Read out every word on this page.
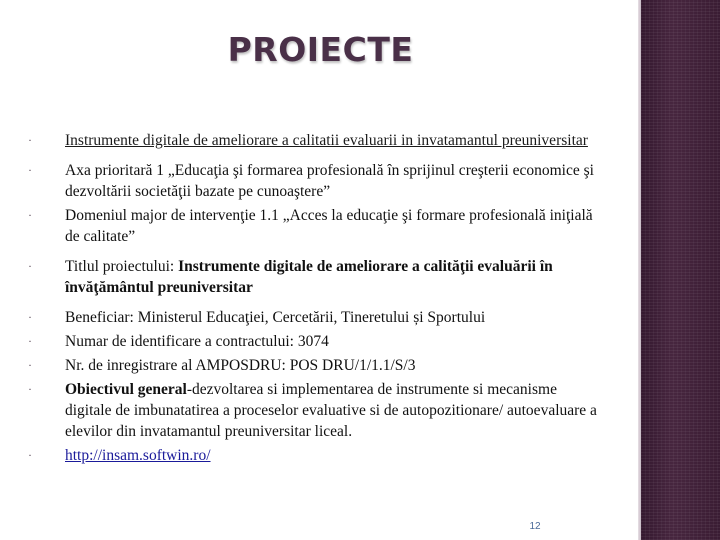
PROIECTE
·	Instrumente digitale de ameliorare a calitatii evaluarii in invatamantul preuniversitar
·	Axa prioritară 1 „Educaţia şi formarea profesională în sprijinul creşterii economice şi dezvoltării societăţii bazate pe cunoaştere”
·	Domeniul major de intervenţie 1.1 „Acces la educaţie şi formare profesională iniţială de calitate”
·	Titlul proiectului: Instrumente digitale de ameliorare a calităţii evaluării în învăţământul preuniversitar
·	Beneficiar: Ministerul Educaţiei, Cercetării, Tineretului și Sportului
·	Numar de identificare a contractului: 3074
·	Nr. de inregistrare al AMPOSDRU: POS DRU/1/1.1/S/3
·	Obiectivul general-dezvoltarea si implementarea de instrumente si mecanisme digitale de imbunatatirea a proceselor evaluative si de autopozitionare/ autoevaluare a elevilor din invatamantul preuniversitar liceal.
·	http://insam.softwin.ro/
12
